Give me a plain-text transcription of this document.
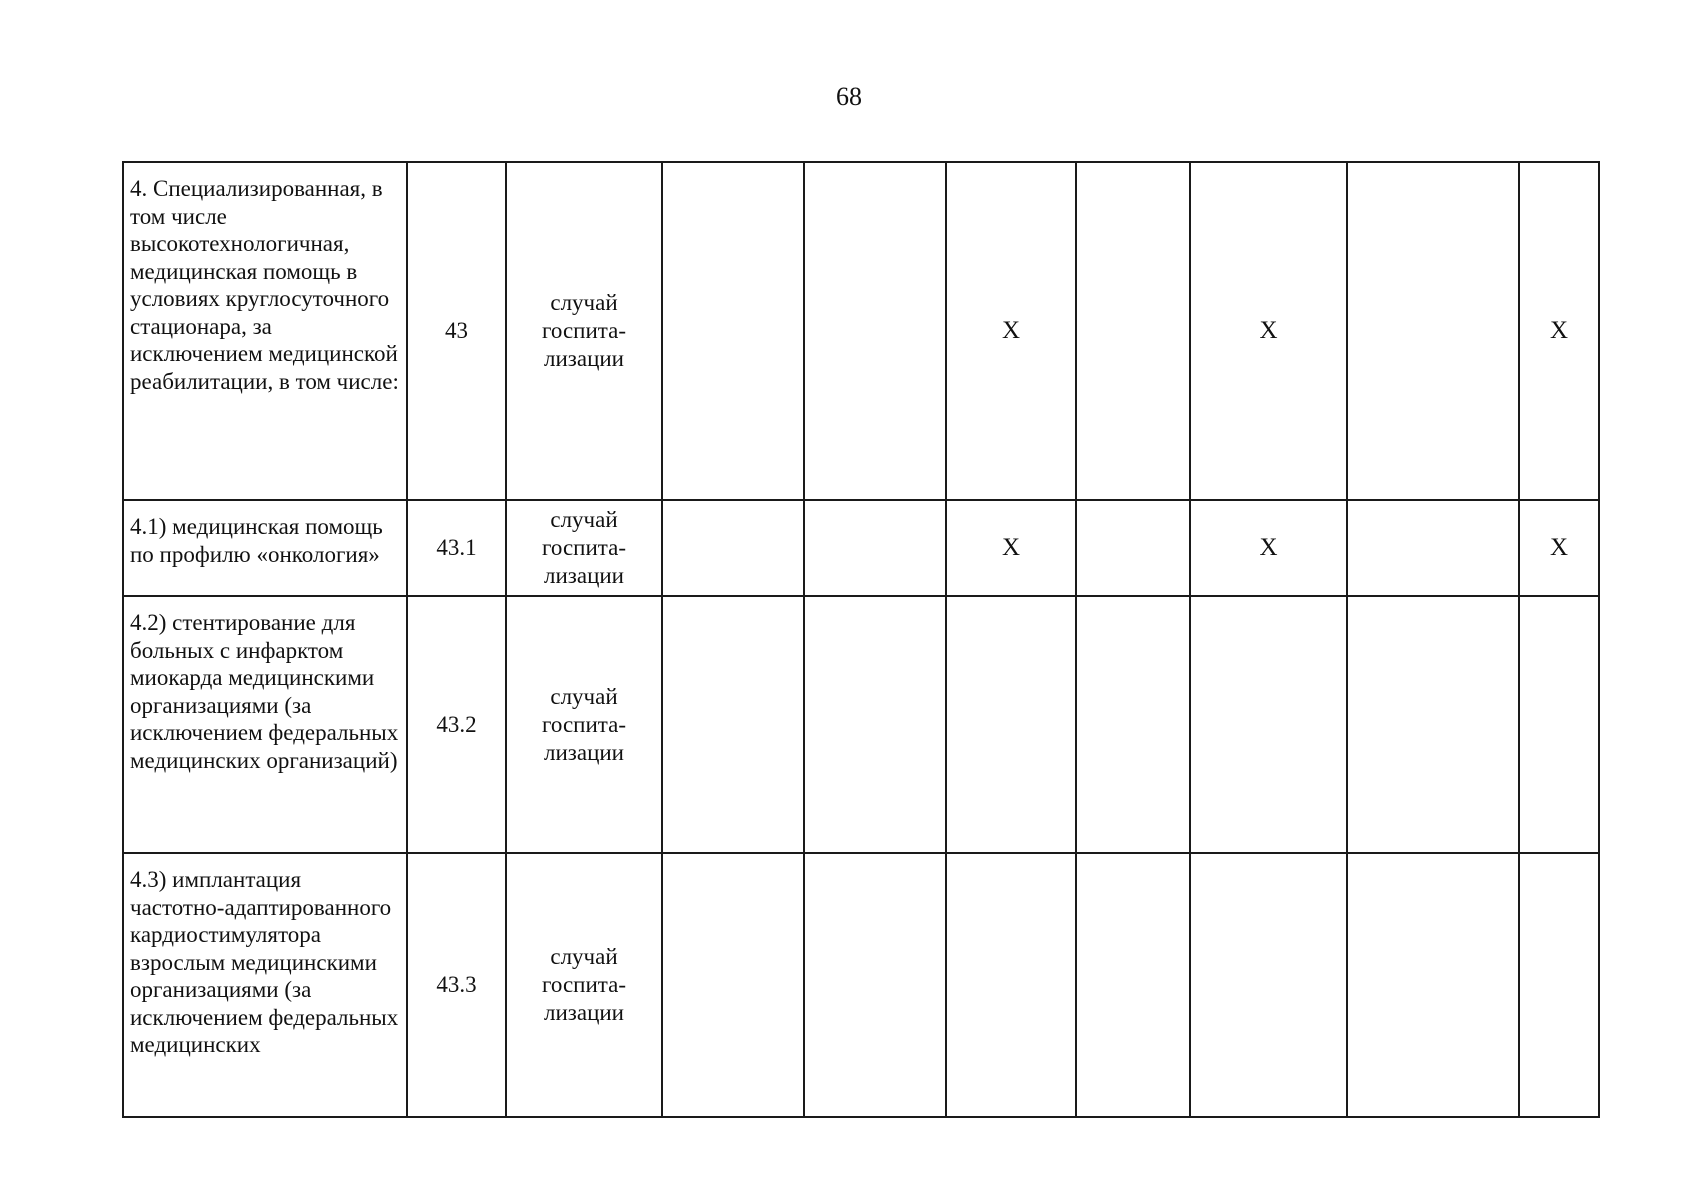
68
4. Специализированная, в том числе высокотехнологичная, медицинская помощь в условиях круглосуточного стационара, за исключением медицинской реабилитации, в том числе:	43	случай госпита-лизации			X		X		X

4.1) медицинская помощь по профилю «онкология»	43.1	случай госпита-лизации			X		X		X

4.2) стентирование для больных с инфарктом миокарда медицинскими организациями (за исключением федеральных медицинских организаций)	43.2	случай госпита-лизации							

4.3) имплантация частотно-адаптированного кардиостимулятора взрослым медицинскими организациями (за исключением федеральных медицинских	43.3	случай госпита-лизации							
